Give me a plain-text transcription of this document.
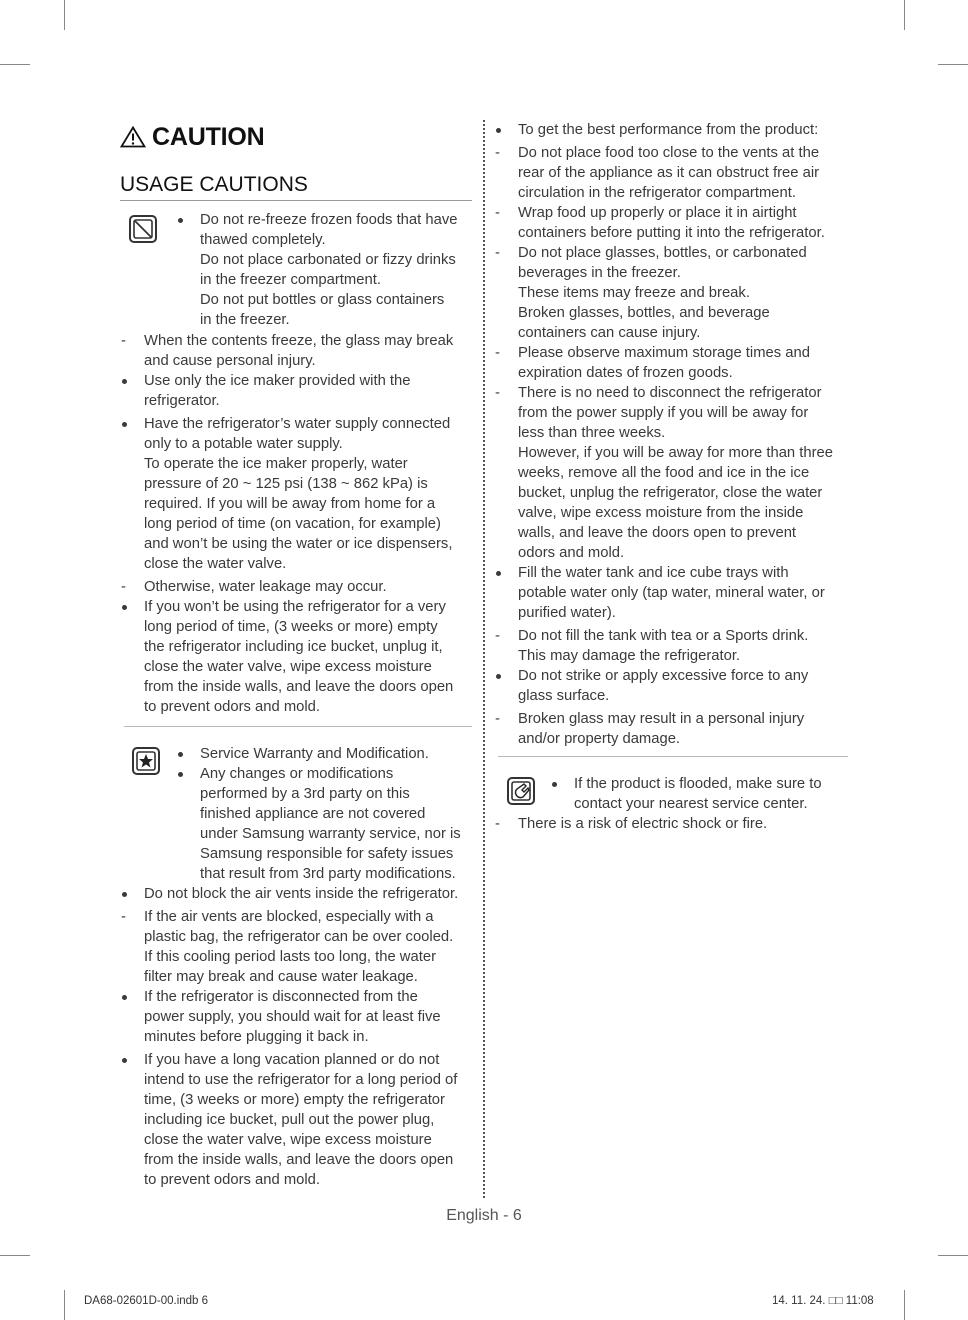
CAUTION
USAGE CAUTIONS

Do not re-freeze frozen foods that have

thawed completely.

Do not place carbonated or fizzy drinks

in the freezer compartment.

Do not put bottles or glass containers

in the freezer.

- When the contents freeze, the glass may break
and cause personal injury.

Use only the ice maker provided with the
refrigerator.

Have the refrigerator’s water supply connected
only to a potable water supply.
To operate the ice maker properly, water
pressure of 20 ~ 125 psi (138 ~ 862 kPa) is
required. If you will be away from home for a
long period of time (on vacation, for example)
and won’t be using the water or ice dispensers,
close the water valve.

- Otherwise, water leakage may occur.

If you won’t be using the refrigerator for a very
long period of time, (3 weeks or more) empty
the refrigerator including ice bucket, unplug it,
close the water valve, wipe excess moisture
from the inside walls, and leave the doors open
to prevent odors and mold.

Service Warranty and Modification.

Any changes or modifications

performed by a 3rd party on this

finished appliance are not covered

under Samsung warranty service, nor is

Samsung responsible for safety issues

that result from 3rd party modifications.

Do not block the air vents inside the refrigerator.

- If the air vents are blocked, especially with a
plastic bag, the refrigerator can be over cooled.
If this cooling period lasts too long, the water
filter may break and cause water leakage.

If the refrigerator is disconnected from the
power supply, you should wait for at least five
minutes before plugging it back in.

If you have a long vacation planned or do not
intend to use the refrigerator for a long period of
time, (3 weeks or more) empty the refrigerator
including ice bucket, pull out the power plug,
close the water valve, wipe excess moisture
from the inside walls, and leave the doors open
to prevent odors and mold.

To get the best performance from the product:

- Do not place food too close to the vents at the
rear of the appliance as it can obstruct free air
circulation in the refrigerator compartment.

- Wrap food up properly or place it in airtight
containers before putting it into the refrigerator.

- Do not place glasses, bottles, or carbonated
beverages in the freezer.
These items may freeze and break.
Broken glasses, bottles, and beverage
containers can cause injury.

- Please observe maximum storage times and
expiration dates of frozen goods.

- There is no need to disconnect the refrigerator
from the power supply if you will be away for
less than three weeks.
However, if you will be away for more than three
weeks, remove all the food and ice in the ice
bucket, unplug the refrigerator, close the water
valve, wipe excess moisture from the inside
walls, and leave the doors open to prevent
odors and mold.

Fill the water tank and ice cube trays with
potable water only (tap water, mineral water, or
purified water).

- Do not fill the tank with tea or a Sports drink.
This may damage the refrigerator.

Do not strike or apply excessive force to any
glass surface.

- Broken glass may result in a personal injury
and/or property damage.

If the product is flooded, make sure to

contact your nearest service center.

- There is a risk of electric shock or fire.

English - 6
DA68-02601D-00.indb 6	14. 11. 24. □□ 11:08
